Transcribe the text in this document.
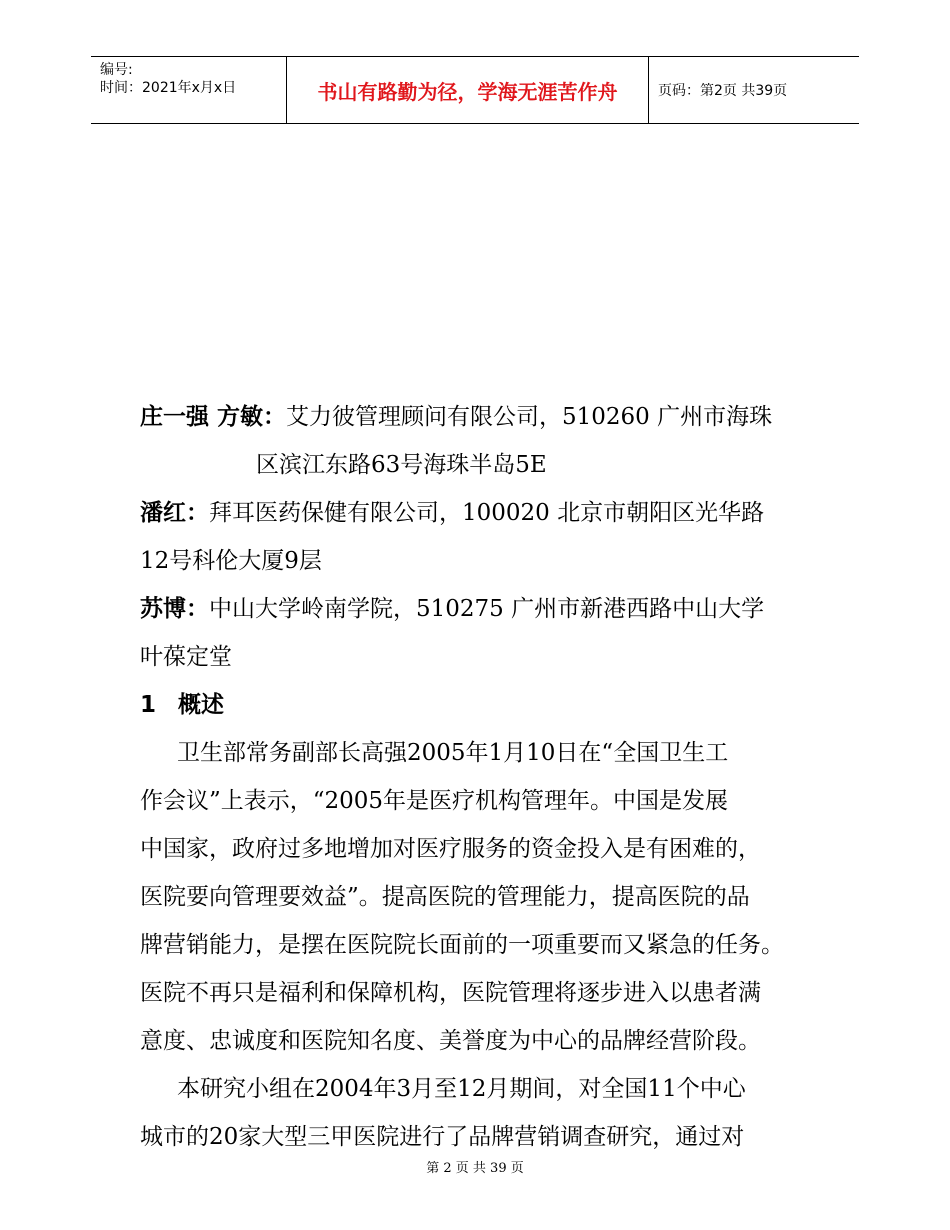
编号:
时间：2021年x月x日	书山有路勤为径，学海无涯苦作舟	页码：第2页 共39页

庄一强 方敏：艾力彼管理顾问有限公司，510260 广州市海珠

区滨江东路63号海珠半岛5E

潘红：拜耳医药保健有限公司，100020 北京市朝阳区光华路

12号科伦大厦9层

苏博：中山大学岭南学院，510275 广州市新港西路中山大学

叶葆定堂

1 概述

卫生部常务副部长高强2005年1月10日在“全国卫生工

作会议”上表示，“2005年是医疗机构管理年。中国是发展

中国家，政府过多地增加对医疗服务的资金投入是有困难的，

医院要向管理要效益”。提高医院的管理能力，提高医院的品

牌营销能力，是摆在医院院长面前的一项重要而又紧急的任务。

医院不再只是福利和保障机构，医院管理将逐步进入以患者满

意度、忠诚度和医院知名度、美誉度为中心的品牌经营阶段。

本研究小组在2004年3月至12月期间，对全国11个中心

城市的20家大型三甲医院进行了品牌营销调查研究，通过对

第 2 页 共 39 页
